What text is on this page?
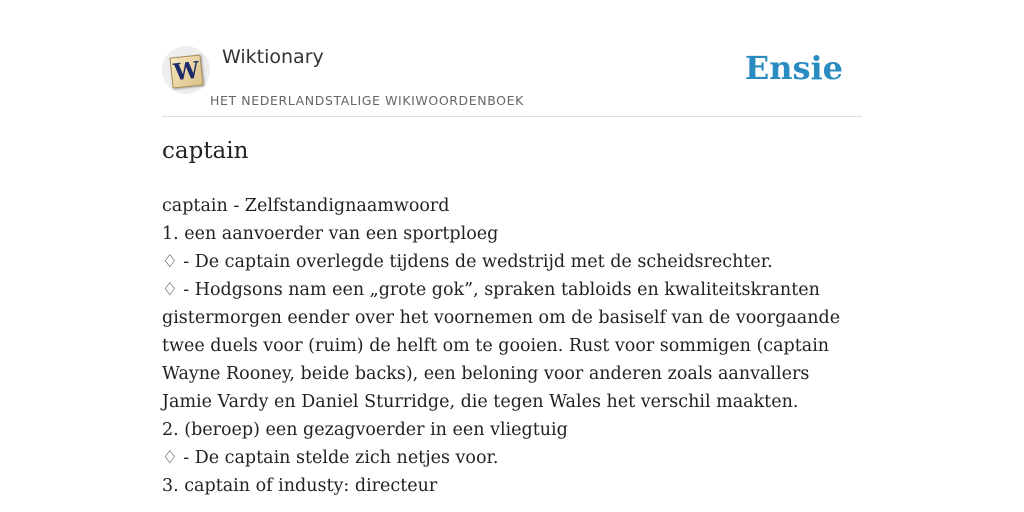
W Wiktionary
HET NEDERLANDSTALIGE WIKIWOORDENBOEK
Ensie
captain
captain - Zelfstandignaamwoord
1. een aanvoerder van een sportploeg
♢ - De captain overlegde tijdens de wedstrijd met de scheidsrechter.
♢ - Hodgsons nam een „grote gok”, spraken tabloids en kwaliteitskranten gistermorgen eender over het voornemen om de basiself van de voorgaande twee duels voor (ruim) de helft om te gooien. Rust voor sommigen (captain Wayne Rooney, beide backs), een beloning voor anderen zoals aanvallers Jamie Vardy en Daniel Sturridge, die tegen Wales het verschil maakten.
2. (beroep) een gezagvoerder in een vliegtuig
♢ - De captain stelde zich netjes voor.
3. captain of industy: directeur
